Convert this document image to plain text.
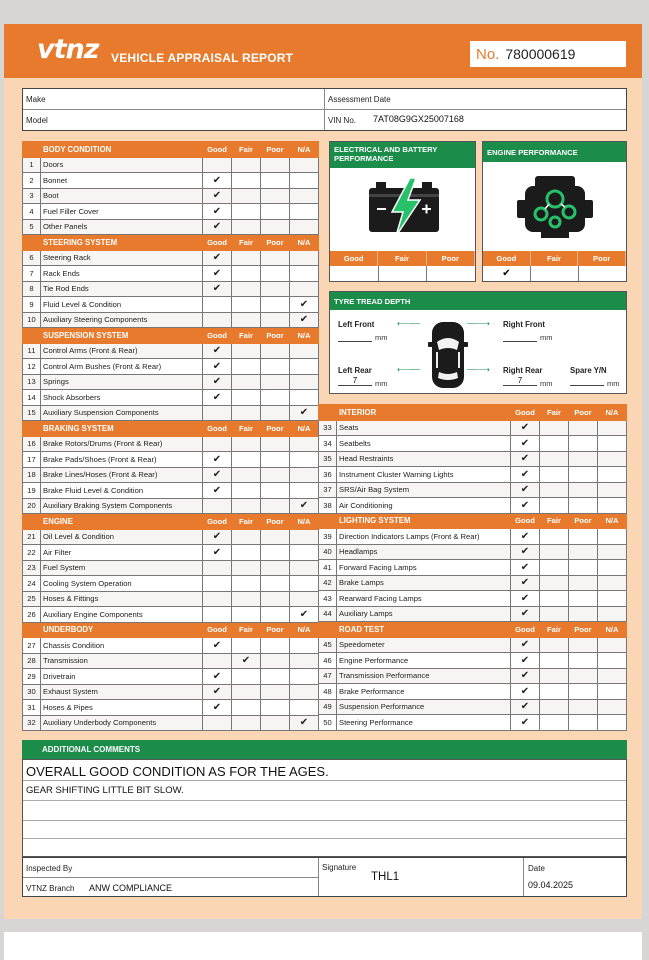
vtnz VEHICLE APPRAISAL REPORT	No. 780000619
Make
Model
Assessment Date
VIN No. 7AT08G9GX25007168
	BODY CONDITION	Good	Fair	Poor	N/A
1	Doors				
2	Bonnet	✔			
3	Boot	✔			
4	Fuel Filler Cover	✔			
5	Other Panels	✔			
	STEERING SYSTEM	Good	Fair	Poor	N/A
6	Steering Rack	✔			
7	Rack Ends	✔			
8	Tie Rod Ends	✔			
9	Fluid Level & Condition				✔
10	Auxiliary Steering Components				✔
	SUSPENSION SYSTEM	Good	Fair	Poor	N/A
11	Control Arms (Front & Rear)	✔			
12	Control Arm Bushes (Front & Rear)	✔			
13	Springs	✔			
14	Shock Absorbers	✔			
15	Auxiliary Suspension Components				✔
	BRAKING SYSTEM	Good	Fair	Poor	N/A
16	Brake Rotors/Drums (Front & Rear)				
17	Brake Pads/Shoes (Front & Rear)	✔			
18	Brake Lines/Hoses (Front & Rear)	✔			
19	Brake Fluid Level & Condition	✔			
20	Auxiliary Braking System Components				✔
	ENGINE	Good	Fair	Poor	N/A
21	Oil Level & Condition	✔			
22	Air Filter	✔			
23	Fuel System				
24	Cooling System Operation				
25	Hoses & Fittings				
26	Auxiliary Engine Components				✔
	UNDERBODY	Good	Fair	Poor	N/A
27	Chassis Condition	✔			
28	Transmission		✔		
29	Drivetrain	✔			
30	Exhaust System	✔			
31	Hoses & Pipes	✔			
32	Auxiliary Underbody Components				✔
	INTERIOR	Good	Fair	Poor	N/A
33	Seats	✔			
34	Seatbelts	✔			
35	Head Restraints	✔			
36	Instrument Cluster Warning Lights	✔			
37	SRS/Air Bag System	✔			
38	Air Conditioning	✔			
	LIGHTING SYSTEM	Good	Fair	Poor	N/A
39	Direction Indicators Lamps (Front & Rear)	✔			
40	Headlamps	✔			
41	Forward Facing Lamps	✔			
42	Brake Lamps	✔			
43	Rearward Facing Lamps	✔			
44	Auxiliary Lamps	✔			
	ROAD TEST	Good	Fair	Poor	N/A
45	Speedometer	✔			
46	Engine Performance	✔			
47	Transmission Performance	✔			
48	Brake Performance	✔			
49	Suspension Performance	✔			
50	Steering Performance	✔			
ELECTRICAL AND BATTERY PERFORMANCE
Good	Fair	Poor
ENGINE PERFORMANCE
Good	Fair	Poor
✔
TYRE TREAD DEPTH
Left Front	⟵──
mm
Right Front
──⟶
mm
Left Rear	⟵──
7	mm
Right Rear
──⟶
7	mm
Spare Y/N
mm
ADDITIONAL COMMENTS
OVERALL GOOD CONDITION AS FOR THE AGES.
GEAR SHIFTING LITTLE BIT SLOW.
Inspected By
VTNZ Branch ANW COMPLIANCE
Signature
THL1
Date
09.04.2025
